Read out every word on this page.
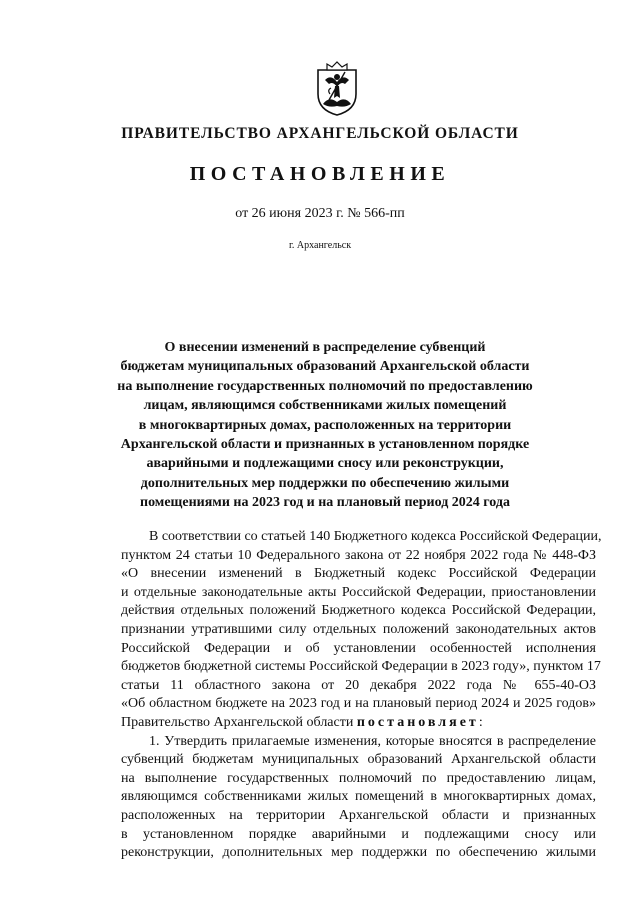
ПРАВИТЕЛЬСТВО АРХАНГЕЛЬСКОЙ ОБЛАСТИ
ПОСТАНОВЛЕНИЕ
от 26 июня 2023 г. № 566-пп
г. Архангельск
О внесении изменений в распределение субвенций
бюджетам муниципальных образований Архангельской области
на выполнение государственных полномочий по предоставлению
лицам, являющимся собственниками жилых помещений
в многоквартирных домах, расположенных на территории
Архангельской области и признанных в установленном порядке
аварийными и подлежащими сносу или реконструкции,
дополнительных мер поддержки по обеспечению жилыми
помещениями на 2023 год и на плановый период 2024 года
В соответствии со статьей 140 Бюджетного кодекса Российской Федерации,
пунктом 24 статьи 10 Федерального закона от 22 ноября 2022 года № 448-ФЗ
«О внесении изменений в Бюджетный кодекс Российской Федерации
и отдельные законодательные акты Российской Федерации, приостановлении
действия отдельных положений Бюджетного кодекса Российской Федерации,
признании утратившими силу отдельных положений законодательных актов
Российской Федерации и об установлении особенностей исполнения
бюджетов бюджетной системы Российской Федерации в 2023 году», пунктом 17
статьи 11 областного закона от 20 декабря 2022 года № 655-40-ОЗ
«Об областном бюджете на 2023 год и на плановый период 2024 и 2025 годов»
Правительство Архангельской области постановляет:
1. Утвердить прилагаемые изменения, которые вносятся в распределение
субвенций бюджетам муниципальных образований Архангельской области
на выполнение государственных полномочий по предоставлению лицам,
являющимся собственниками жилых помещений в многоквартирных домах,
расположенных на территории Архангельской области и признанных
в установленном порядке аварийными и подлежащими сносу или
реконструкции, дополнительных мер поддержки по обеспечению жилыми
